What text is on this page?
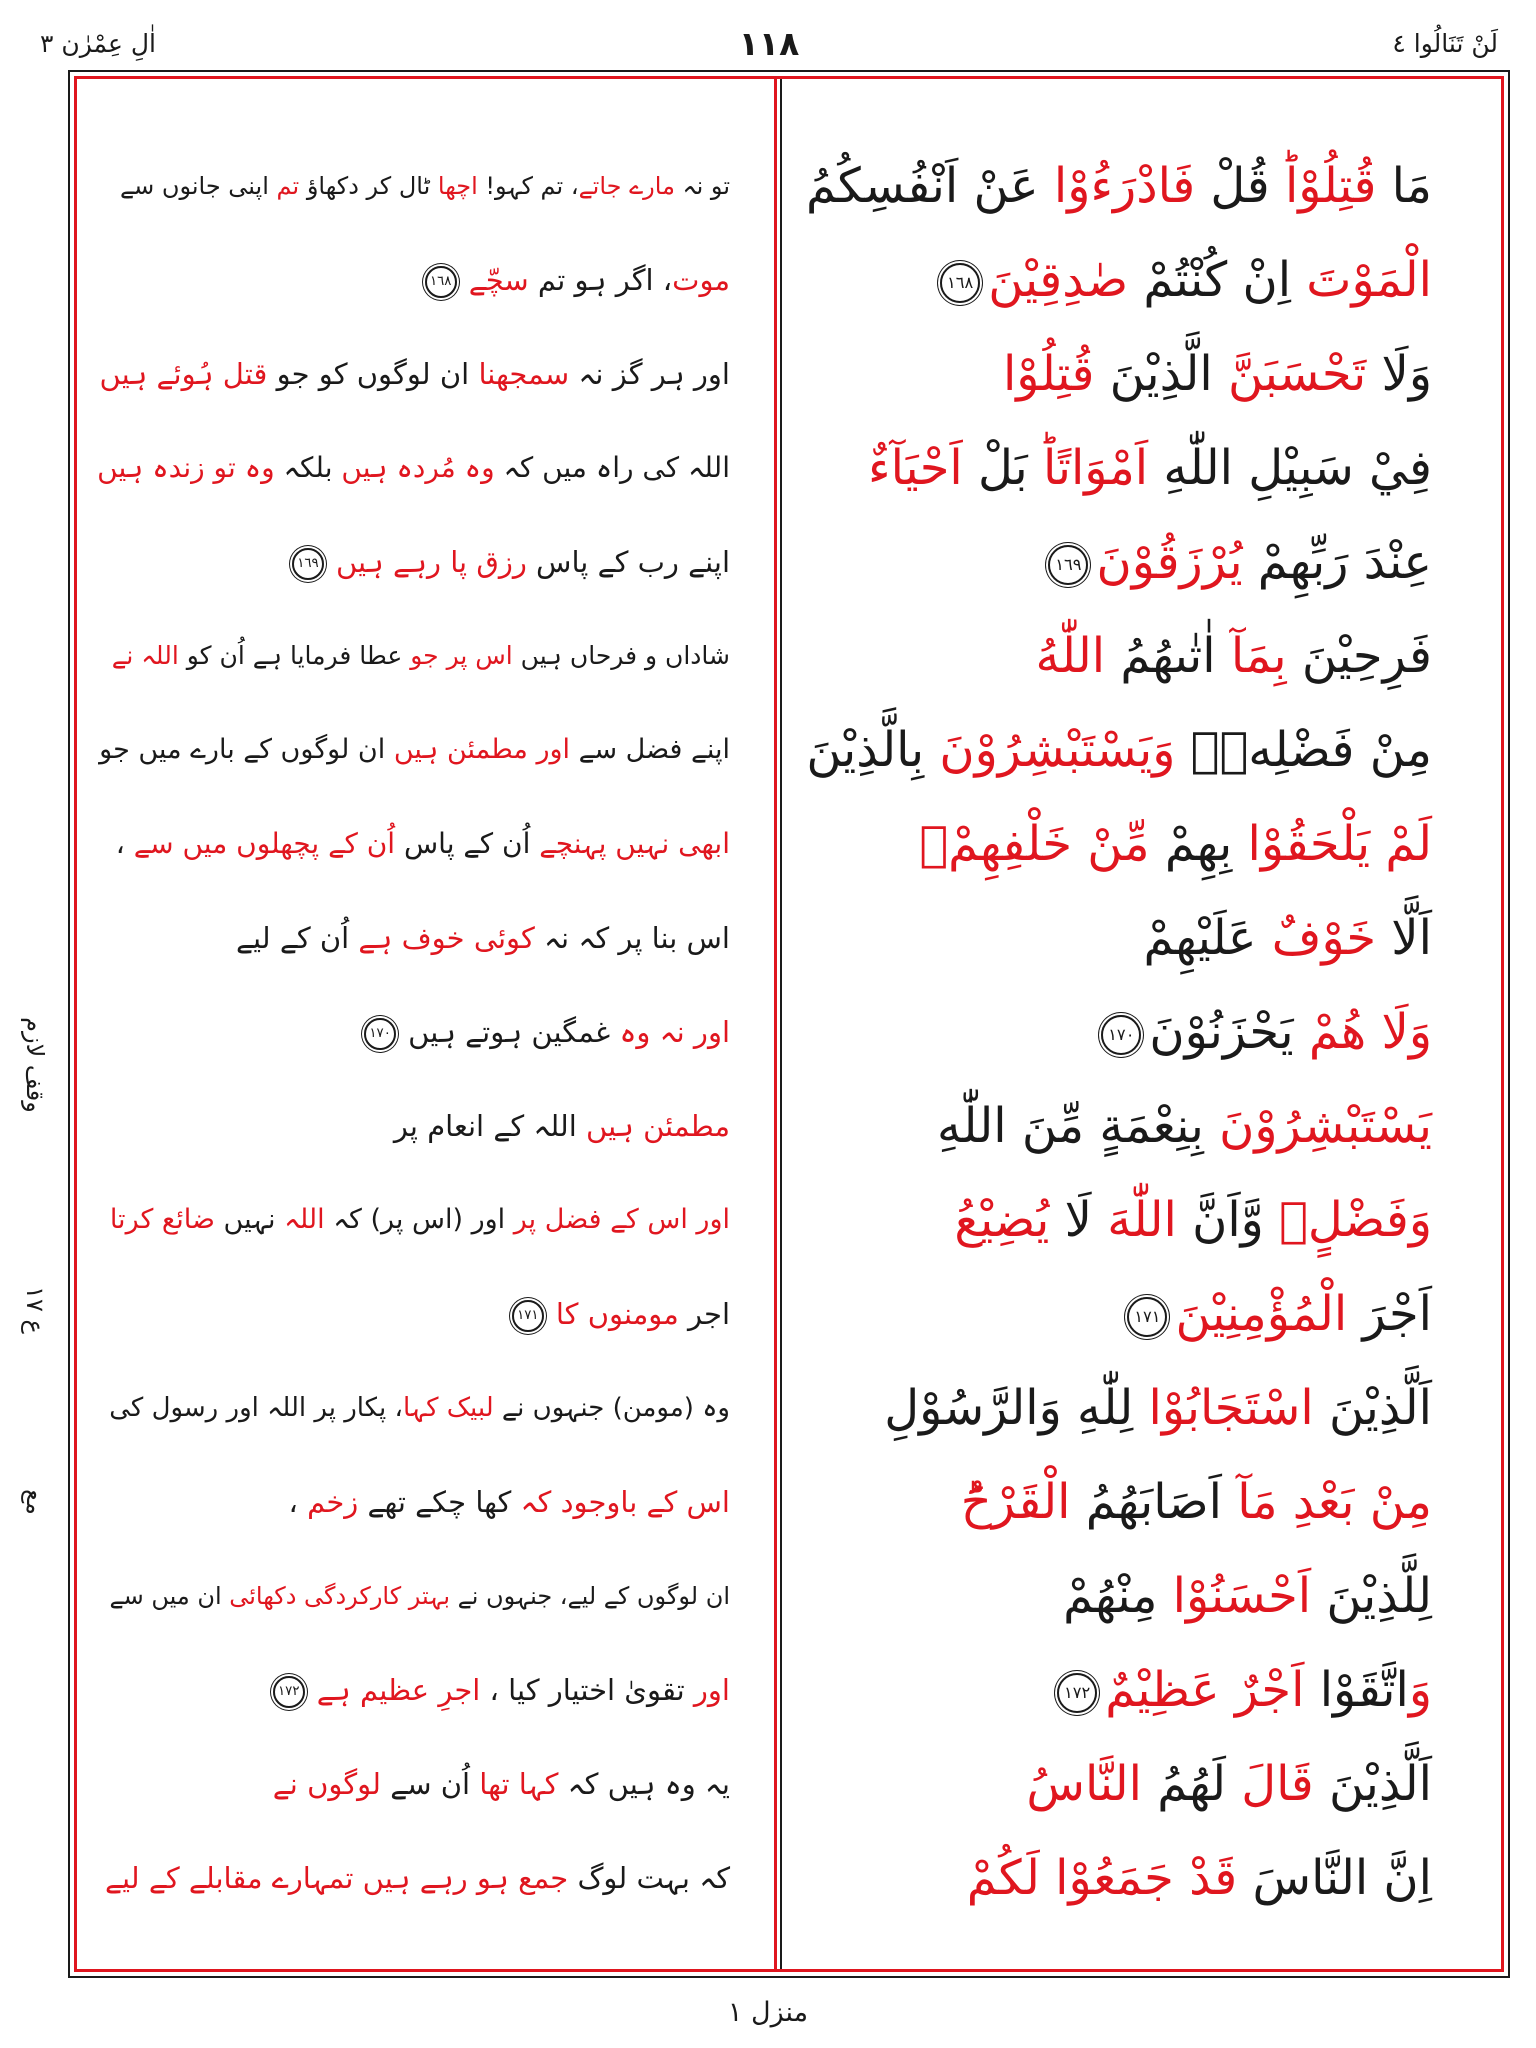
اٰلِ عِمْرٰن ٣	١١٨	لَنْ تَنَالُوا ٤
تو نہ مارے جاتے، تم کہو! اچھا ٹال کر دکھاؤ تم اپنی جانوں سے	مَا قُتِلُوْاؕ قُلْ فَادْرَءُوْا عَنْ اَنْفُسِكُمُ
موت، اگر ہو تم سچّے١٦٨	الْمَوْتَ اِنْ كُنْتُمْ صٰدِقِيْنَ١٦٨
اور ہر گز نہ سمجھنا ان لوگوں کو جو قتل ہُوئے ہیں	وَلَا تَحْسَبَنَّ الَّذِيْنَ قُتِلُوْا
اللہ کی راہ میں کہ وہ مُردہ ہیں بلکہ وہ تو زندہ ہیں	فِيْ سَبِيْلِ اللّٰهِ اَمْوَاتًاؕ بَلْ اَحْيَآءٌ
اپنے رب کے پاس رزق پا رہے ہیں١٦٩	عِنْدَ رَبِّهِمْ يُرْزَقُوْنَ١٦٩
شاداں و فرحاں ہیں اس پر جو عطا فرمایا ہے اُن کو اللہ نے	فَرِحِيْنَ بِمَآ اٰتٰىهُمُ اللّٰهُ
اپنے فضل سے اور مطمئن ہیں ان لوگوں کے بارے میں جو	مِنْ فَضْلِهٖۙ وَيَسْتَبْشِرُوْنَ بِالَّذِيْنَ
ابھی نہیں پہنچے اُن کے پاس اُن کے پچھلوں میں سے ،	لَمْ يَلْحَقُوْا بِهِمْ مِّنْ خَلْفِهِمْ
اس بنا پر کہ نہ کوئی خوف ہے اُن کے لیے	اَلَّا خَوْفٌ عَلَيْهِمْ
اور نہ وہ غمگین ہوتے ہیں١٧٠	وَلَا هُمْ يَحْزَنُوْنَ١٧٠
مطمئن ہیں اللہ کے انعام پر	يَسْتَبْشِرُوْنَ بِنِعْمَةٍ مِّنَ اللّٰهِ
اور اس کے فضل پر اور (اس پر) کہ اللہ نہیں ضائع کرتا	وَفَضْلٍۙ وَّاَنَّ اللّٰهَ لَا يُضِيْعُ
اجر مومنوں کا١٧١	اَجْرَ الْمُؤْمِنِيْنَ١٧١
وہ (مومن) جنہوں نے لبیک کہا، پکار پر اللہ اور رسول کی	اَلَّذِيْنَ اسْتَجَابُوْا لِلّٰهِ وَالرَّسُوْلِ
اس کے باوجود کہ کھا چکے تھے زخم ،	مِنْ بَعْدِ مَآ اَصَابَهُمُ الْقَرْحُ
ان لوگوں کے لیے، جنہوں نے بہتر کارکردگی دکھائی ان میں سے	لِلَّذِيْنَ اَحْسَنُوْا مِنْهُمْ
اور تقویٰ اختیار کیا ، اجرِ عظیم ہے١٧٢	وَاتَّقَوْا اَجْرٌ عَظِيْمٌ١٧٢
یہ وہ ہیں کہ کہا تھا اُن سے لوگوں نے	اَلَّذِيْنَ قَالَ لَهُمُ النَّاسُ
کہ بہت لوگ جمع ہو رہے ہیں تمہارے مقابلے کے لیے	اِنَّ النَّاسَ قَدْ جَمَعُوْا لَكُمْ
وقف لازم
ع ١٧
مع
منزل ١
